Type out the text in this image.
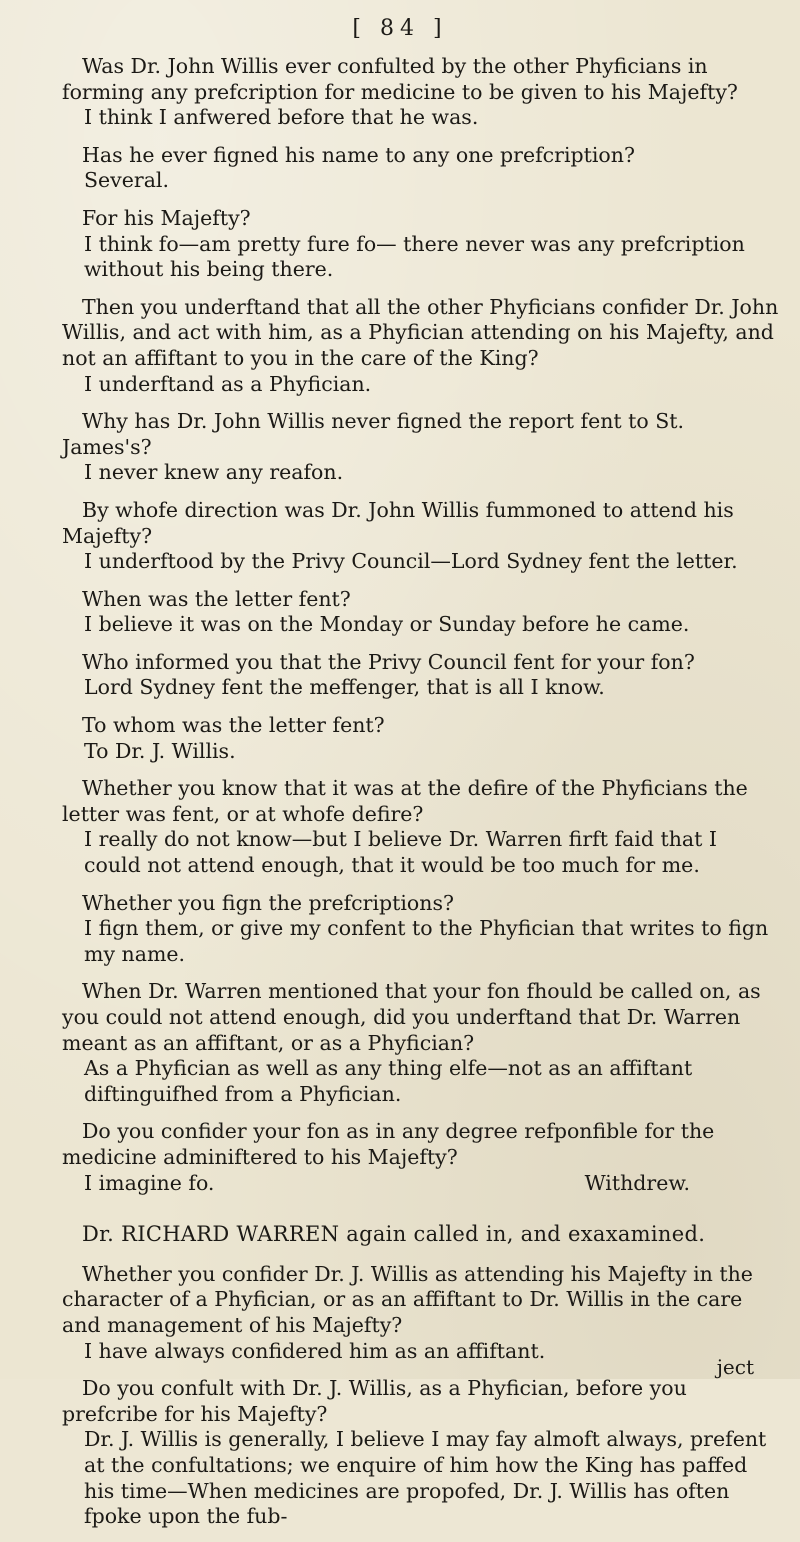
[ 84 ]

Was Dr. John Willis ever confulted by the other Phyficians in forming any prefcription for medicine to be given to his Majefty?

I think I anfwered before that he was.

Has he ever figned his name to any one prefcription?

Several.

For his Majefty?

I think fo—am pretty fure fo— there never was any prefcription without his being there.

Then you underftand that all the other Phyficians confider Dr. John Willis, and act with him, as a Phyfician attending on his Majefty, and not an affiftant to you in the care of the King?

I underftand as a Phyfician.

Why has Dr. John Willis never figned the report fent to St. James's?

I never knew any reafon.

By whofe direction was Dr. John Willis fummoned to attend his Majefty?

I underftood by the Privy Council—Lord Sydney fent the letter.

When was the letter fent?

I believe it was on the Monday or Sunday before he came.

Who informed you that the Privy Council fent for your fon?

Lord Sydney fent the meffenger, that is all I know.

To whom was the letter fent?

To Dr. J. Willis.

Whether you know that it was at the defire of the Phyficians the letter was fent, or at whofe defire?

I really do not know—but I believe Dr. Warren firft faid that I could not attend enough, that it would be too much for me.

Whether you fign the prefcriptions?

I fign them, or give my confent to the Phyfician that writes to fign my name.

When Dr. Warren mentioned that your fon fhould be called on, as you could not attend enough, did you underftand that Dr. Warren meant as an affiftant, or as a Phyfician?

As a Phyfician as well as any thing elfe—not as an affiftant diftinguifhed from a Phyfician.

Do you confider your fon as in any degree refponfible for the medicine adminiftered to his Majefty?

I imagine fo.	Withdrew.

Dr. RICHARD WARREN again called in, and exaxamined.

Whether you confider Dr. J. Willis as attending his Majefty in the character of a Phyfician, or as an affiftant to Dr. Willis in the care and management of his Majefty?

I have always confidered him as an affiftant.

Do you confult with Dr. J. Willis, as a Phyfician, before you prefcribe for his Majefty?

Dr. J. Willis is generally, I believe I may fay almoft always, prefent at the confultations; we enquire of him how the King has paffed his time—When medicines are propofed, Dr. J. Willis has often fpoke upon the fub-

ject
